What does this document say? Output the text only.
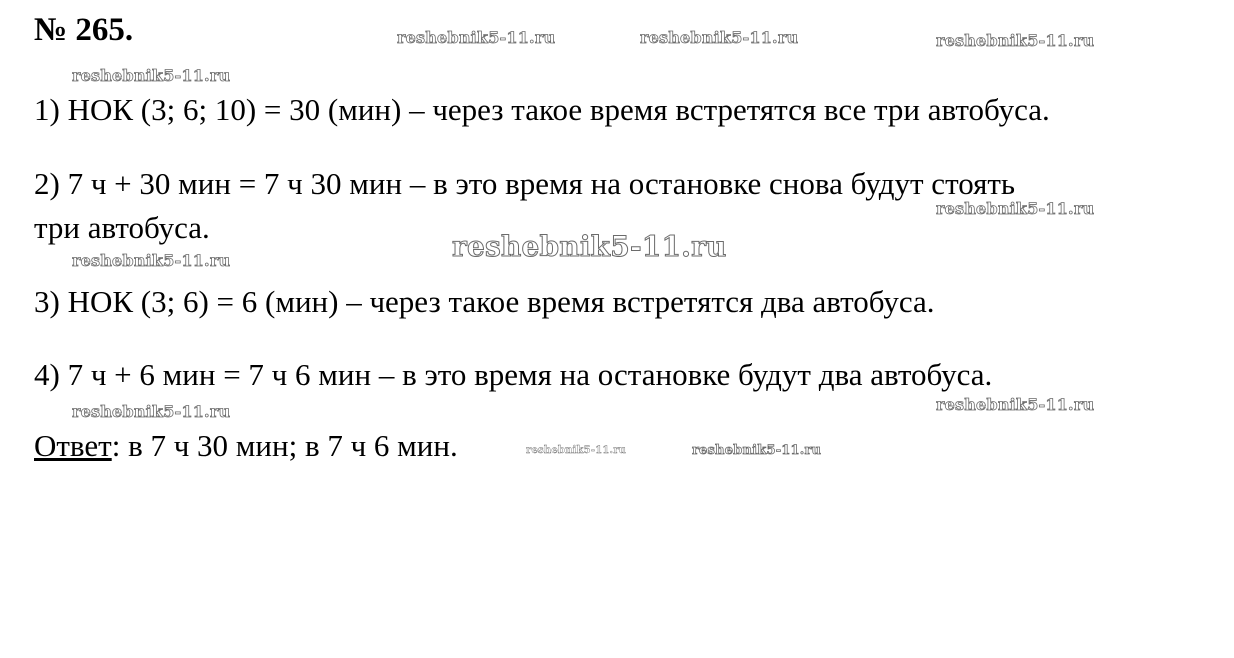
№ 265.
1) НОК (3; 6; 10) = 30 (мин) – через такое время встретятся все три автобуса.
2) 7 ч + 30 мин = 7 ч 30 мин – в это время на остановке снова будут стоять
три автобуса.
3) НОК (3; 6) = 6 (мин) – через такое время встретятся два автобуса.
4) 7 ч + 6 мин = 7 ч 6 мин – в это время на остановке будут два автобуса.
Ответ: в 7 ч 30 мин; в 7 ч 6 мин.
reshebnik5-11.ru	reshebnik5-11.ru	reshebnik5-11.ru
reshebnik5-11.ru
reshebnik5-11.ru
reshebnik5-11.ru
reshebnik5-11.ru
reshebnik5-11.ru
reshebnik5-11.ru
reshebnik5-11.ru	reshebnik5-11.ru
